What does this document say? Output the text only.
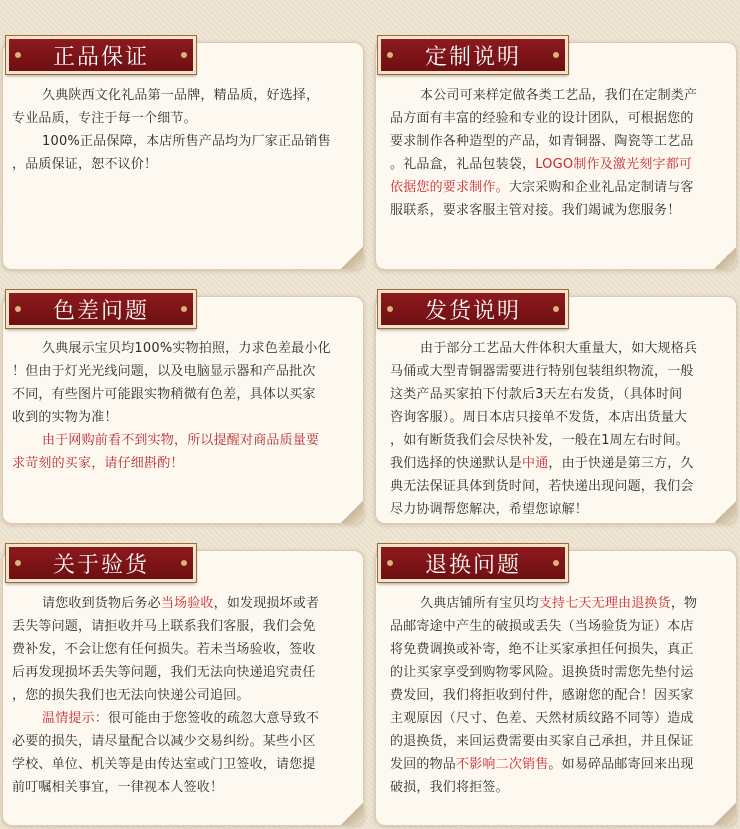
正品保证

久典陕西文化礼品第一品牌，精品质，好选择，

专业品质，专注于每一个细节。

100%正品保障，本店所售产品均为厂家正品销售

，品质保证，恕不议价！

定制说明

本公司可来样定做各类工艺品，我们在定制类产

品方面有丰富的经验和专业的设计团队，可根据您的

要求制作各种造型的产品，如青铜器、陶瓷等工艺品

。礼品盒，礼品包装袋，LOGO制作及激光刻字都可

依据您的要求制作。大宗采购和企业礼品定制请与客

服联系，要求客服主管对接。我们竭诚为您服务！

色差问题

久典展示宝贝均100%实物拍照，力求色差最小化

！但由于灯光光线问题，以及电脑显示器和产品批次

不同，有些图片可能跟实物稍微有色差，具体以买家

收到的实物为准！

由于网购前看不到实物，所以提醒对商品质量要

求苛刻的买家，请仔细斟酌！

发货说明

由于部分工艺品大件体积大重量大，如大规格兵

马俑或大型青铜器需要进行特别包装组织物流，一般

这类产品买家拍下付款后3天左右发货，（具体时间

咨询客服）。周日本店只接单不发货，本店出货量大

，如有断货我们会尽快补发，一般在1周左右时间。

我们选择的快递默认是中通，由于快递是第三方，久

典无法保证具体到货时间，若快递出现问题，我们会

尽力协调帮您解决，希望您谅解！

关于验货

请您收到货物后务必当场验收，如发现损坏或者

丢失等问题，请拒收并马上联系我们客服，我们会免

费补发，不会让您有任何损失。若未当场验收，签收

后再发现损坏丢失等问题，我们无法向快递追究责任

，您的损失我们也无法向快递公司追回。

温情提示：很可能由于您签收的疏忽大意导致不

必要的损失，请尽量配合以减少交易纠纷。某些小区

学校、单位、机关等是由传达室或门卫签收，请您提

前叮嘱相关事宜，一律视本人签收！

退换问题

久典店铺所有宝贝均支持七天无理由退换货，物

品邮寄途中产生的破损或丢失（当场验货为证）本店

将免费调换或补寄，绝不让买家承担任何损失，真正

的让买家享受到购物零风险。退换货时需您先垫付运

费发回，我们将拒收到付件，感谢您的配合！因买家

主观原因（尺寸、色差、天然材质纹路不同等）造成

的退换货，来回运费需要由买家自己承担，并且保证

发回的物品不影响二次销售。如易碎品邮寄回来出现

破损，我们将拒签。
